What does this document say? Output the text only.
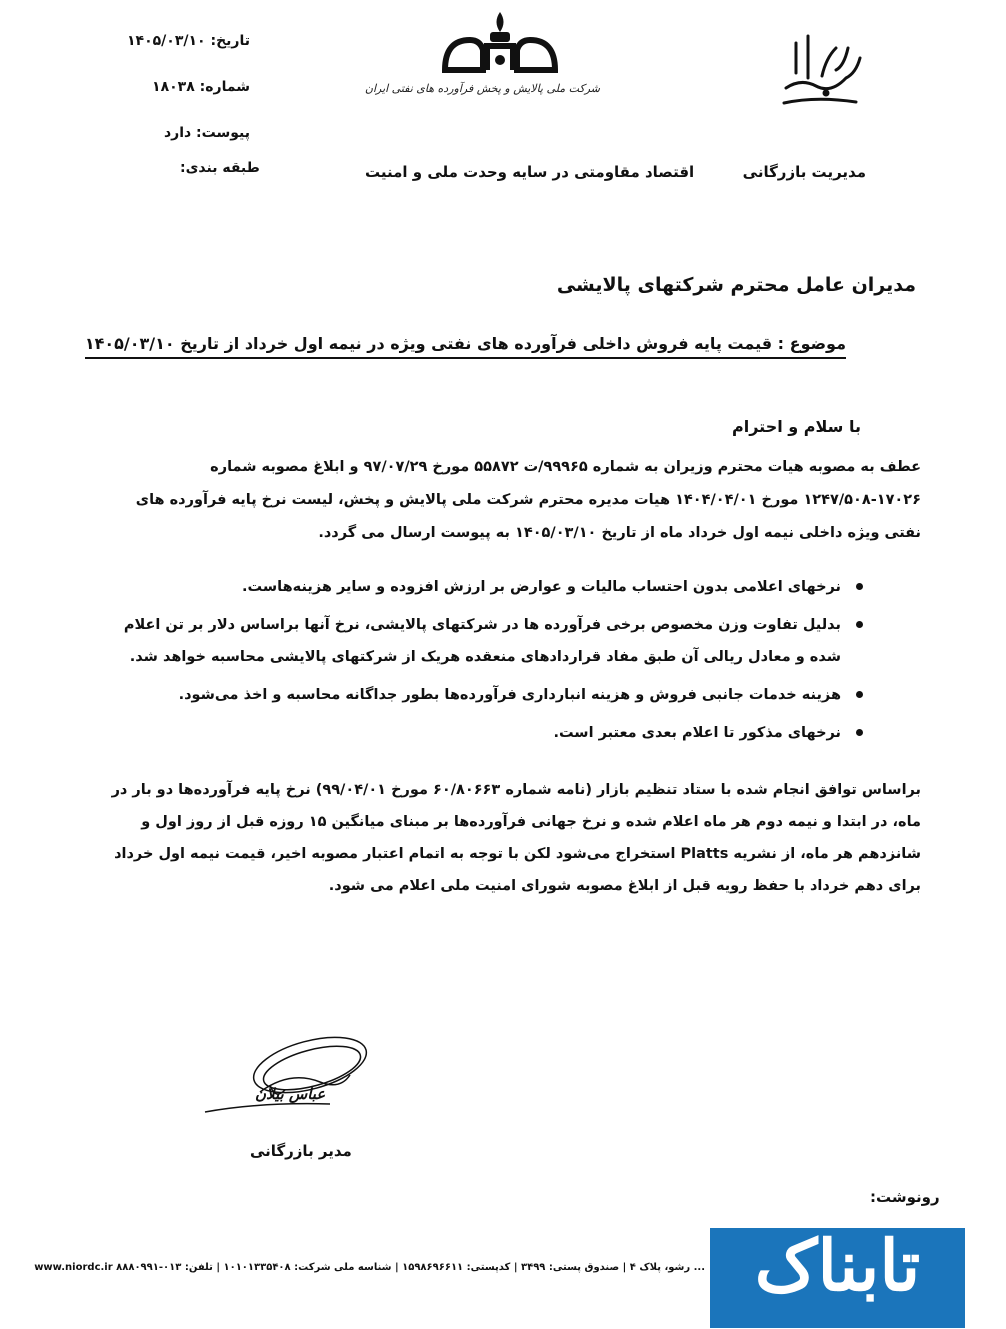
شرکت ملی پالایش و پخش فرآورده های نفتی ایران
تاریخ: ۱۴۰۵/۰۳/۱۰
شماره: ۱۸۰۳۸
پیوست: دارد
مدیریت بازرگانی
اقتصاد مقاومتی در سایه وحدت ملی و امنیت
طبقه بندی:
مدیران عامل محترم شرکتهای پالایشی
موضوع : قیمت پایه فروش داخلی فرآورده های نفتی ویژه در نیمه اول خرداد از تاریخ ۱۴۰۵/۰۳/۱۰
با سلام و احترام
عطف به مصوبه هیات محترم وزیران به شماره ۹۹۹۶۵/ت ۵۵۸۷۲ مورخ ۹۷/۰۷/۲۹ و ابلاغ مصوبه شماره ۱۷۰۲۶-۱۲۴۷/۵۰۸ مورخ ۱۴۰۴/۰۴/۰۱ هیات مدیره محترم شرکت ملی پالایش و پخش، لیست نرخ پایه فرآورده های نفتی ویژه داخلی نیمه اول خرداد ماه از تاریخ ۱۴۰۵/۰۳/۱۰ به پیوست ارسال می گردد.
نرخهای اعلامی بدون احتساب مالیات و عوارض بر ارزش افزوده و سایر هزینه‌هاست.
بدلیل تفاوت وزن مخصوص برخی فرآورده ها در شرکتهای پالایشی، نرخ آنها براساس دلار بر تن اعلام شده و معادل ریالی آن طبق مفاد قراردادهای منعقده هریک از شرکتهای پالایشی محاسبه خواهد شد.
هزینه خدمات جانبی فروش و هزینه انبارداری فرآورده‌ها بطور جداگانه محاسبه و اخذ می‌شود.
نرخهای مذکور تا اعلام بعدی معتبر است.
براساس توافق انجام شده با ستاد تنظیم بازار (نامه شماره ۶۰/۸۰۶۶۳ مورخ ۹۹/۰۴/۰۱) نرخ پایه فرآورده‌ها دو بار در ماه، در ابتدا و نیمه دوم هر ماه اعلام شده و نرخ جهانی فرآورده‌ها بر مبنای میانگین ۱۵ روزه قبل از روز اول و شانزدهم هر ماه، از نشریه Platts استخراج می‌شود لکن با توجه به اتمام اعتبار مصوبه اخیر، قیمت نیمه اول خرداد برای دهم خرداد با حفظ رویه قبل از ابلاغ مصوبه شورای امنیت ملی اعلام می شود.
عباس بیلان
مدیر بازرگانی
رونوشت:
... رشو، پلاک ۴ | صندوق پستی: ۳۴۹۹ | کدپستی: ۱۵۹۸۶۹۶۶۱۱ | شناسه ملی شرکت: ۱۰۱۰۱۳۳۵۴۰۸ | تلفن: ۰۱۳-۸۸۸۰۹۹۱ www.niordc.ir تابناک
